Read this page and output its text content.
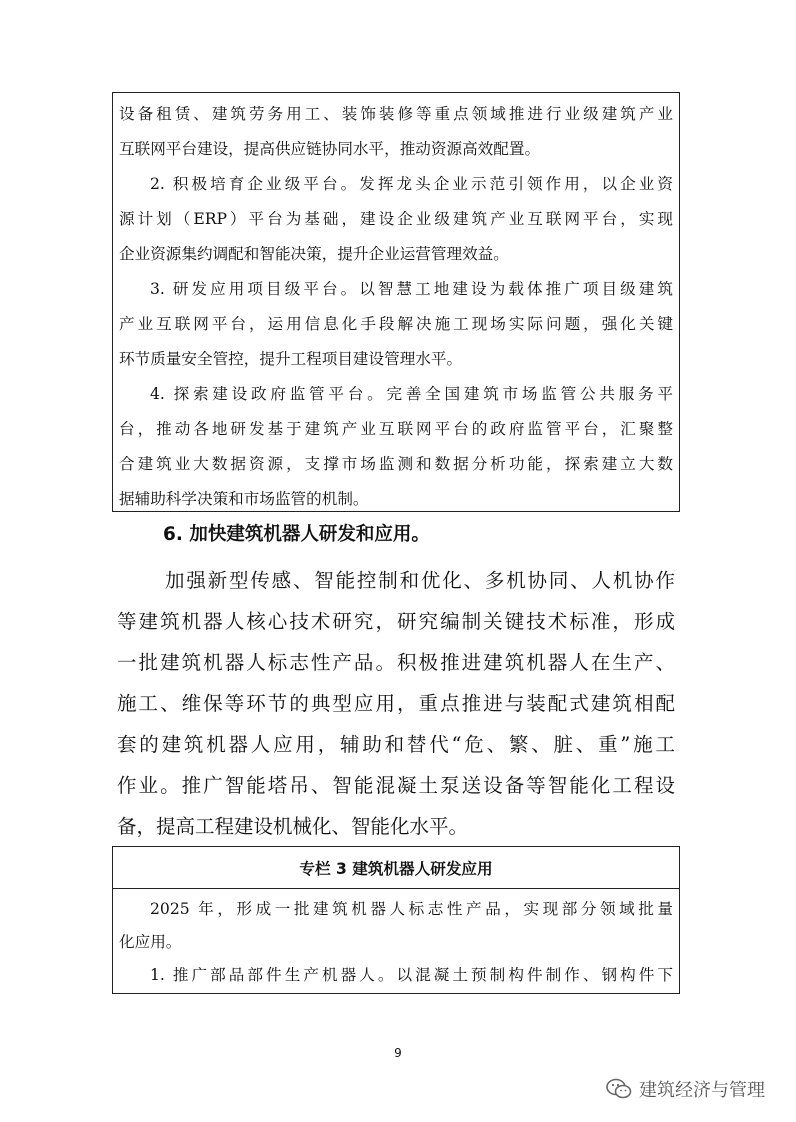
设备租赁、建筑劳务用工、装饰装修等重点领域推进行业级建筑产业

互联网平台建设，提高供应链协同水平，推动资源高效配置。

2. 积极培育企业级平台。发挥龙头企业示范引领作用，以企业资

源计划（ERP）平台为基础，建设企业级建筑产业互联网平台，实现

企业资源集约调配和智能决策，提升企业运营管理效益。

3. 研发应用项目级平台。以智慧工地建设为载体推广项目级建筑

产业互联网平台，运用信息化手段解决施工现场实际问题，强化关键

环节质量安全管控，提升工程项目建设管理水平。

4. 探索建设政府监管平台。完善全国建筑市场监管公共服务平

台，推动各地研发基于建筑产业互联网平台的政府监管平台，汇聚整

合建筑业大数据资源，支撑市场监测和数据分析功能，探索建立大数

据辅助科学决策和市场监管的机制。

6. 加快建筑机器人研发和应用。

加强新型传感、智能控制和优化、多机协同、人机协作

等建筑机器人核心技术研究，研究编制关键技术标准，形成

一批建筑机器人标志性产品。积极推进建筑机器人在生产、

施工、维保等环节的典型应用，重点推进与装配式建筑相配

套的建筑机器人应用，辅助和替代“危、繁、脏、重”施工

作业。推广智能塔吊、智能混凝土泵送设备等智能化工程设

备，提高工程建设机械化、智能化水平。

专栏 3 建筑机器人研发应用

2025 年，形成一批建筑机器人标志性产品，实现部分领域批量

化应用。

1. 推广部品部件生产机器人。以混凝土预制构件制作、钢构件下

9
建筑经济与管理
